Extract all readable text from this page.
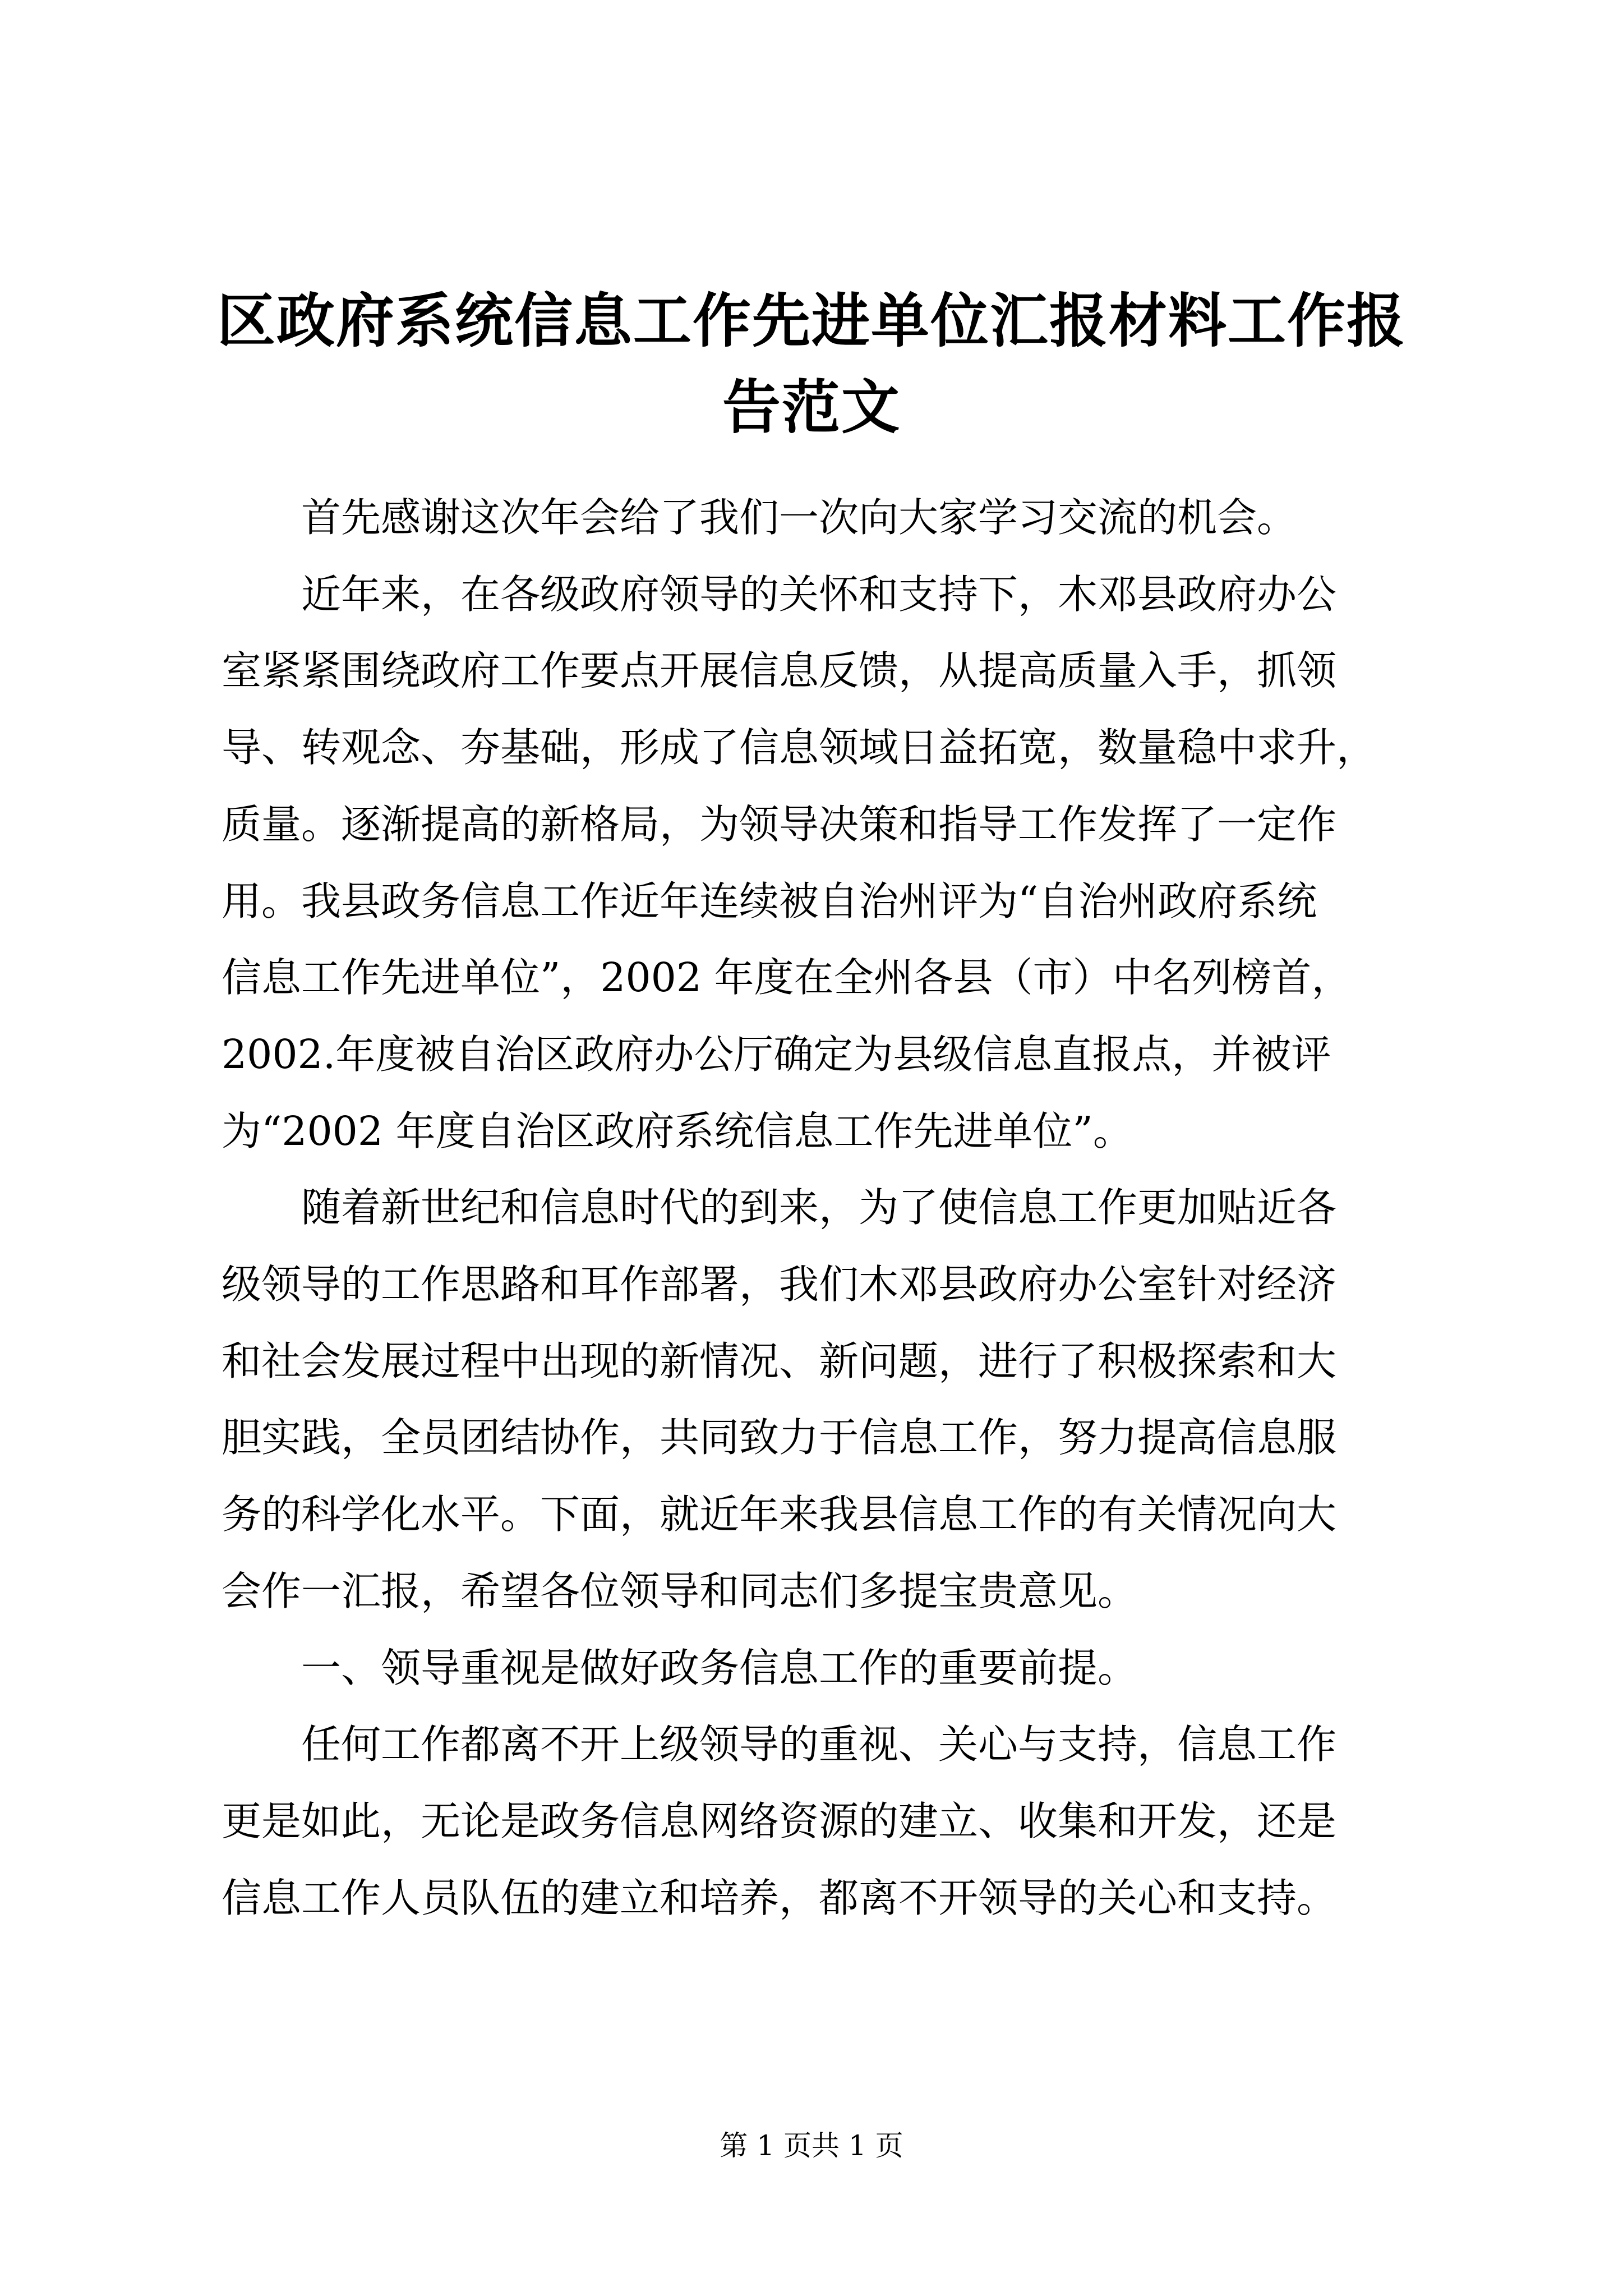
区政府系统信息工作先进单位汇报材料工作报
告范文

首先感谢这次年会给了我们一次向大家学习交流的机会。

近年来，在各级政府领导的关怀和支持下，木邓县政府办公
室紧紧围绕政府工作要点开展信息反馈，从提高质量入手，抓领
导、转观念、夯基础，形成了信息领域日益拓宽，数量稳中求升，
质量。逐渐提高的新格局，为领导决策和指导工作发挥了一定作
用。我县政务信息工作近年连续被自治州评为“自治州政府系统
信息工作先进单位”，2002 年度在全州各县（市）中名列榜首，
2002.年度被自治区政府办公厅确定为县级信息直报点，并被评
为“2002 年度自治区政府系统信息工作先进单位”。

随着新世纪和信息时代的到来，为了使信息工作更加贴近各
级领导的工作思路和耳作部署，我们木邓县政府办公室针对经济
和社会发展过程中出现的新情况、新问题，进行了积极探索和大
胆实践，全员团结协作，共同致力于信息工作，努力提高信息服
务的科学化水平。下面，就近年来我县信息工作的有关情况向大
会作一汇报，希望各位领导和同志们多提宝贵意见。

一、领导重视是做好政务信息工作的重要前提。

任何工作都离不开上级领导的重视、关心与支持，信息工作
更是如此，无论是政务信息网络资源的建立、收集和开发，还是
信息工作人员队伍的建立和培养，都离不开领导的关心和支持。

第 1 页共 1 页
